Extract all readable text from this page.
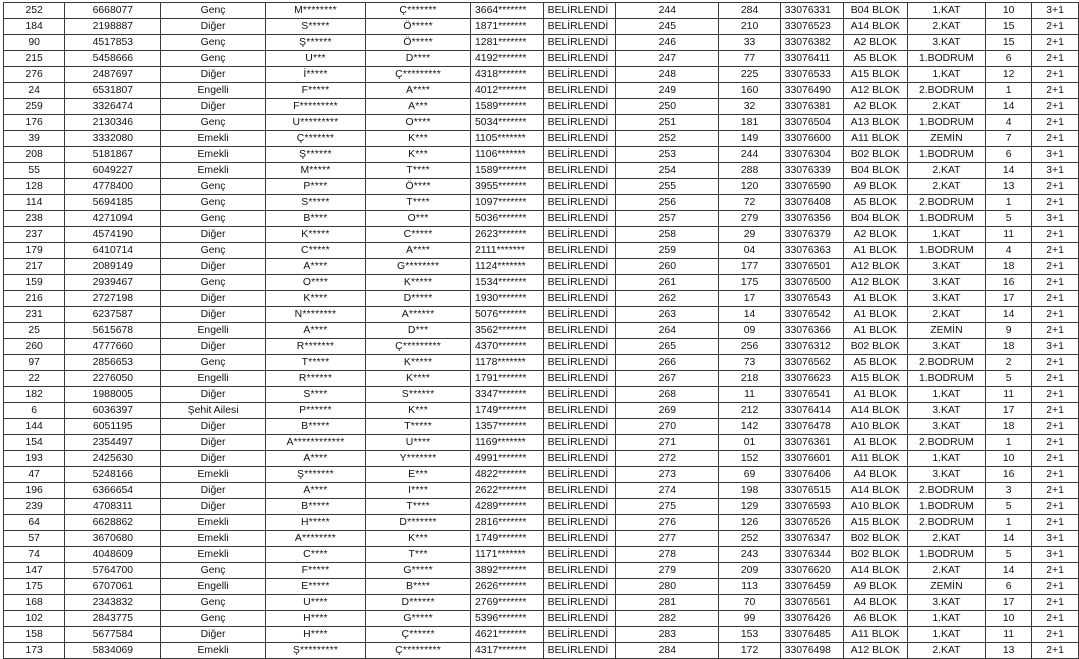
252	6668077	Genç	M********	Ç*******	3664*******	BELİRLENDİ	244	284	33076331	B04 BLOK	1.KAT	10	3+1
184	2198887	Diğer	S*****	Ö*****	1871*******	BELİRLENDİ	245	210	33076523	A14 BLOK	2.KAT	15	2+1
90	4517853	Genç	Ş******	Ö*****	1281*******	BELİRLENDİ	246	33	33076382	A2 BLOK	3.KAT	15	2+1
215	5458666	Genç	U***	D****	4192*******	BELİRLENDİ	247	77	33076411	A5 BLOK	1.BODRUM	6	2+1
276	2487697	Diğer	İ*****	Ç*********	4318*******	BELİRLENDİ	248	225	33076533	A15 BLOK	1.KAT	12	2+1
24	6531807	Engelli	F*****	A****	4012*******	BELİRLENDİ	249	160	33076490	A12 BLOK	2.BODRUM	1	2+1
259	3326474	Diğer	F*********	A***	1589*******	BELİRLENDİ	250	32	33076381	A2 BLOK	2.KAT	14	2+1
176	2130346	Genç	U*********	O****	5034*******	BELİRLENDİ	251	181	33076504	A13 BLOK	1.BODRUM	4	2+1
39	3332080	Emekli	Ç*******	K***	1105*******	BELİRLENDİ	252	149	33076600	A11 BLOK	ZEMİN	7	2+1
208	5181867	Emekli	Ş******	K***	1106*******	BELİRLENDİ	253	244	33076304	B02 BLOK	1.BODRUM	6	3+1
55	6049227	Emekli	M*****	T****	1589*******	BELİRLENDİ	254	288	33076339	B04 BLOK	2.KAT	14	3+1
128	4778400	Genç	P****	Ö****	3955*******	BELİRLENDİ	255	120	33076590	A9 BLOK	2.KAT	13	2+1
114	5694185	Genç	S*****	T****	1097*******	BELİRLENDİ	256	72	33076408	A5 BLOK	2.BODRUM	1	2+1
238	4271094	Genç	B****	O***	5036*******	BELİRLENDİ	257	279	33076356	B04 BLOK	1.BODRUM	5	3+1
237	4574190	Diğer	K*****	C*****	2623*******	BELİRLENDİ	258	29	33076379	A2 BLOK	1.KAT	11	2+1
179	6410714	Genç	C*****	A****	2111*******	BELİRLENDİ	259	04	33076363	A1 BLOK	1.BODRUM	4	2+1
217	2089149	Diğer	A****	G********	1124*******	BELİRLENDİ	260	177	33076501	A12 BLOK	3.KAT	18	2+1
159	2939467	Genç	O****	K*****	1534*******	BELİRLENDİ	261	175	33076500	A12 BLOK	3.KAT	16	2+1
216	2727198	Diğer	K****	D*****	1930*******	BELİRLENDİ	262	17	33076543	A1 BLOK	3.KAT	17	2+1
231	6237587	Diğer	N********	A******	5076*******	BELİRLENDİ	263	14	33076542	A1 BLOK	2.KAT	14	2+1
25	5615678	Engelli	A****	D***	3562*******	BELİRLENDİ	264	09	33076366	A1 BLOK	ZEMİN	9	2+1
260	4777660	Diğer	R*******	Ç*********	4370*******	BELİRLENDİ	265	256	33076312	B02 BLOK	3.KAT	18	3+1
97	2856653	Genç	T*****	K*****	1178*******	BELİRLENDİ	266	73	33076562	A5 BLOK	2.BODRUM	2	2+1
22	2276050	Engelli	R******	K****	1791*******	BELİRLENDİ	267	218	33076623	A15 BLOK	1.BODRUM	5	2+1
182	1988005	Diğer	S****	S******	3347*******	BELİRLENDİ	268	11	33076541	A1 BLOK	1.KAT	11	2+1
6	6036397	Şehit Ailesi	P******	K***	1749*******	BELİRLENDİ	269	212	33076414	A14 BLOK	3.KAT	17	2+1
144	6051195	Diğer	B*****	T*****	1357*******	BELİRLENDİ	270	142	33076478	A10 BLOK	3.KAT	18	2+1
154	2354497	Diğer	A************	U****	1169*******	BELİRLENDİ	271	01	33076361	A1 BLOK	2.BODRUM	1	2+1
193	2425630	Diğer	A****	Y*******	4991*******	BELİRLENDİ	272	152	33076601	A11 BLOK	1.KAT	10	2+1
47	5248166	Emekli	Ş*******	E***	4822*******	BELİRLENDİ	273	69	33076406	A4 BLOK	3.KAT	16	2+1
196	6366654	Diğer	A****	I****	2622*******	BELİRLENDİ	274	198	33076515	A14 BLOK	2.BODRUM	3	2+1
239	4708311	Diğer	B*****	T****	4289*******	BELİRLENDİ	275	129	33076593	A10 BLOK	1.BODRUM	5	2+1
64	6628862	Emekli	H*****	D*******	2816*******	BELİRLENDİ	276	126	33076526	A15 BLOK	2.BODRUM	1	2+1
57	3670680	Emekli	A********	K***	1749*******	BELİRLENDİ	277	252	33076347	B02 BLOK	2.KAT	14	3+1
74	4048609	Emekli	C****	T***	1171*******	BELİRLENDİ	278	243	33076344	B02 BLOK	1.BODRUM	5	3+1
147	5764700	Genç	F*****	G*****	3892*******	BELİRLENDİ	279	209	33076620	A14 BLOK	2.KAT	14	2+1
175	6707061	Engelli	E*****	B****	2626*******	BELİRLENDİ	280	113	33076459	A9 BLOK	ZEMİN	6	2+1
168	2343832	Genç	U****	D******	2769*******	BELİRLENDİ	281	70	33076561	A4 BLOK	3.KAT	17	2+1
102	2843775	Genç	H****	G*****	5396*******	BELİRLENDİ	282	99	33076426	A6 BLOK	1.KAT	10	2+1
158	5677584	Diğer	H****	Ç******	4621*******	BELİRLENDİ	283	153	33076485	A11 BLOK	1.KAT	11	2+1
173	5834069	Emekli	Ş*********	Ç*********	4317*******	BELİRLENDİ	284	172	33076498	A12 BLOK	2.KAT	13	2+1
